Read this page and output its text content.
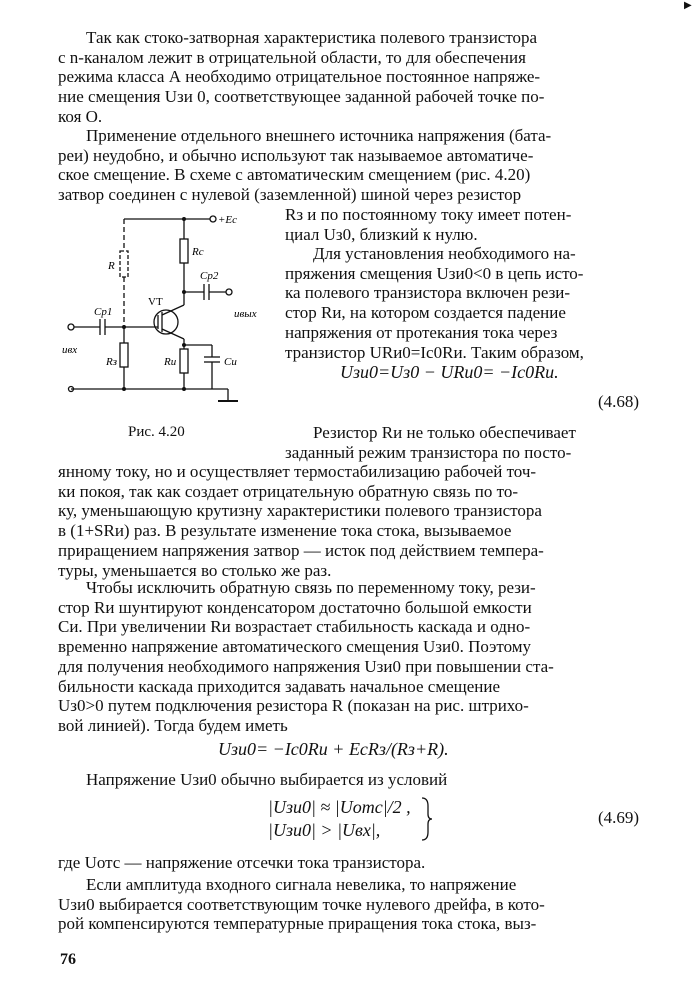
▶
Так как стоко-затворная характеристика полевого транзистора
с n-каналом лежит в отрицательной области, то для обеспечения
режима класса А необходимо отрицательное постоянное напряже-
ние смещения Uзи 0, соответствующее заданной рабочей точке по-
коя O.
Применение отдельного внешнего источника напряжения (бата-
реи) неудобно, и обычно используют так называемое автоматиче-
ское смещение. В схеме с автоматическим смещением (рис. 4.20)
затвор соединен с нулевой (заземленной) шиной через резистор
Rз и по постоянному току имеет потен-
циал Uз0, близкий к нулю.
Для установления необходимого на-
пряжения смещения Uзи0<0 в цепь исто-
ка полевого транзистора включен рези-
стор Rи, на котором создается падение
напряжения от протекания тока через
транзистор URи0=Iс0Rи. Таким образом,
Uзи0=Uз0 − URи0= −Iс0Rи.
(4.68)
+Ec
Rc
R
Cр2
VT
Cр1	uвых
uвх
Rз	Rи	Cи
Рис. 4.20	Резистор Rи не только обеспечивает
заданный режим транзистора по посто-
янному току, но и осуществляет термостабилизацию рабочей точ-
ки покоя, так как создает отрицательную обратную связь по то-
ку, уменьшающую крутизну характеристики полевого транзистора
в (1+SRи) раз. В результате изменение тока стока, вызываемое
приращением напряжения затвор — исток под действием темпера-
туры, уменьшается во столько же раз.
Чтобы исключить обратную связь по переменному току, рези-
стор Rи шунтируют конденсатором достаточно большой емкости
Cи. При увеличении Rи возрастает стабильность каскада и одно-
временно напряжение автоматического смещения Uзи0. Поэтому
для получения необходимого напряжения Uзи0 при повышении ста-
бильности каскада приходится задавать начальное смещение
Uз0>0 путем подключения резистора R (показан на рис. штрихо-
вой линией). Тогда будем иметь
Uзи0= −Iс0Rи + EcRз/(Rз+R).
Напряжение Uзи0 обычно выбирается из условий
|Uзи0| ≈ |Uотс|/2 ,
|Uзи0| > |Uвх|,
(4.69)
где Uотс — напряжение отсечки тока транзистора.
Если амплитуда входного сигнала невелика, то напряжение
Uзи0 выбирается соответствующим точке нулевого дрейфа, в кото-
рой компенсируются температурные приращения тока стока, выз-
76
